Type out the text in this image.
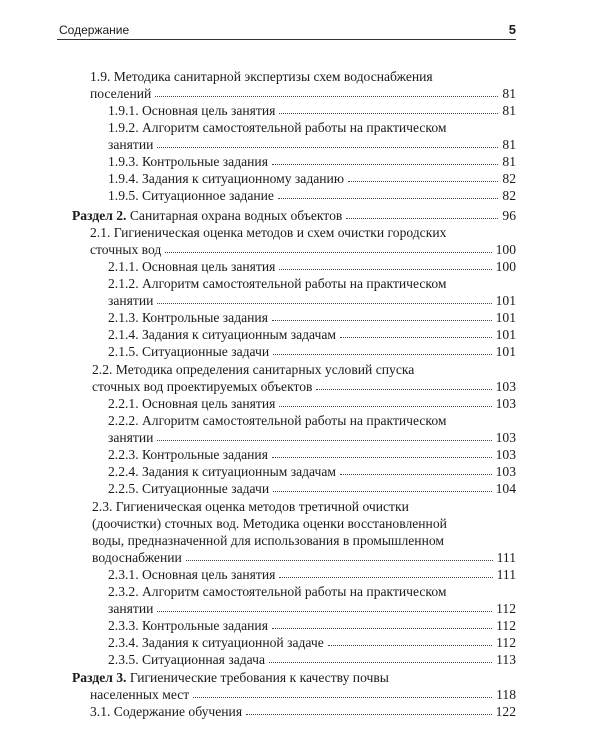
Содержание	5
1.9. Методика санитарной экспертизы схем водоснабжения
поселений	81
1.9.1. Основная цель занятия	81
1.9.2. Алгоритм самостоятельной работы на практическом
занятии	81
1.9.3. Контрольные задания	81
1.9.4. Задания к ситуационному заданию	82
1.9.5. Ситуационное задание	82
Раздел 2. Санитарная охрана водных объектов	96
2.1. Гигиеническая оценка методов и схем очистки городских
сточных вод	100
2.1.1. Основная цель занятия	100
2.1.2. Алгоритм самостоятельной работы на практическом
занятии	101
2.1.3. Контрольные задания	101
2.1.4. Задания к ситуационным задачам	101
2.1.5. Ситуационные задачи	101
2.2. Методика определения санитарных условий спуска
сточных вод проектируемых объектов	103
2.2.1. Основная цель занятия	103
2.2.2. Алгоритм самостоятельной работы на практическом
занятии	103
2.2.3. Контрольные задания	103
2.2.4. Задания к ситуационным задачам	103
2.2.5. Ситуационные задачи	104
2.3. Гигиеническая оценка методов третичной очистки
(доочистки) сточных вод. Методика оценки восстановленной
воды, предназначенной для использования в промышленном
водоснабжении	111
2.3.1. Основная цель занятия	111
2.3.2. Алгоритм самостоятельной работы на практическом
занятии	112
2.3.3. Контрольные задания	112
2.3.4. Задания к ситуационной задаче	112
2.3.5. Ситуационная задача	113
Раздел 3. Гигиенические требования к качеству почвы
населенных мест	118
3.1. Содержание обучения	122
